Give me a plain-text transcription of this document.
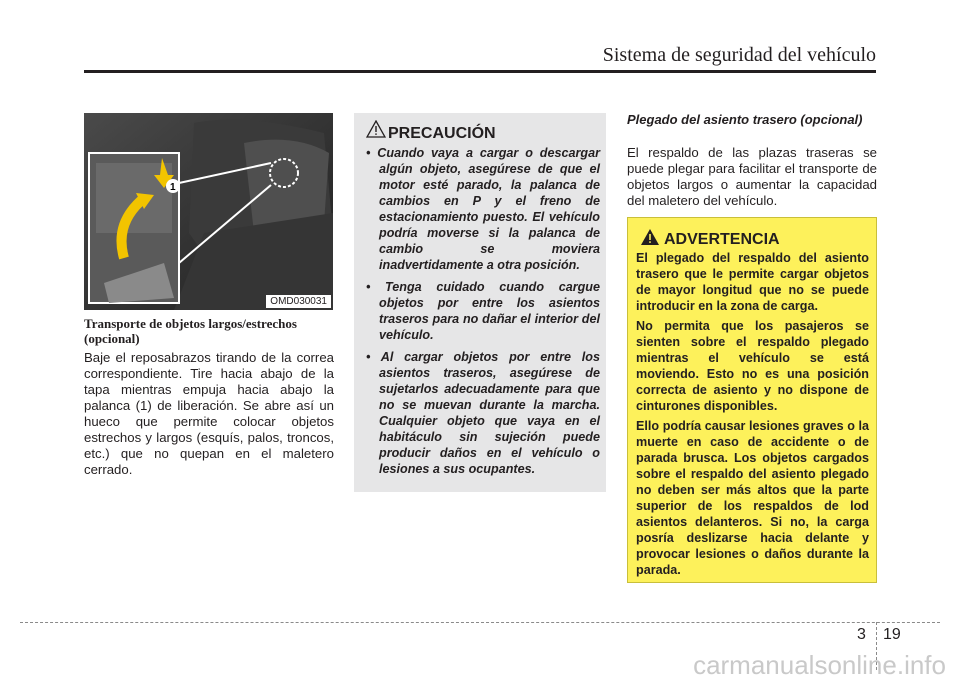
Sistema de seguridad del vehículo
1
OMD030031
Transporte de objetos largos/estrechos (opcional)
Baje el reposabrazos tirando de la correa correspondiente. Tire hacia abajo de la tapa mientras empuja hacia abajo la palanca (1) de liberación. Se abre así un hueco que permite colocar objetos estrechos y largos (esquís, palos, troncos, etc.) que no quepan en el maletero cerrado.
PRECAUCIÓN
• Cuando vaya a cargar o descargar algún objeto, asegúrese de que el motor esté parado, la palanca de cambios en P y el freno de estacionamiento puesto. El vehículo podría moverse si la palanca de cambio se moviera inadvertidamente a otra posición.
• Tenga cuidado cuando cargue objetos por entre los asientos traseros para no dañar el interior del vehículo.
• Al cargar objetos por entre los asientos traseros, asegúrese de sujetarlos adecuadamente para que no se muevan durante la marcha. Cualquier objeto que vaya en el habitáculo sin sujeción puede producir daños en el vehículo o lesiones a sus ocupantes.
Plegado del asiento trasero (opcional)
El respaldo de las plazas traseras se puede plegar para facilitar el transporte de objetos largos o aumentar la capacidad del maletero del vehículo.
ADVERTENCIA

El plegado del respaldo del asiento trasero que le permite cargar objetos de mayor longitud que no se puede introducir en la zona de carga.

No permita que los pasajeros se sienten sobre el respaldo plegado mientras el vehículo se está moviendo. Esto no es una posición correcta de asiento y no dispone de cinturones disponibles.

Ello podría causar lesiones graves o la muerte en caso de accidente o de parada brusca. Los objetos cargados sobre el respaldo del asiento plegado no deben ser más altos que la parte superior de los respaldos de lod asientos delanteros. Si no, la carga posría deslizarse hacia delante y provocar lesiones o daños durante la parada.

3 19
carmanualsonline.info
